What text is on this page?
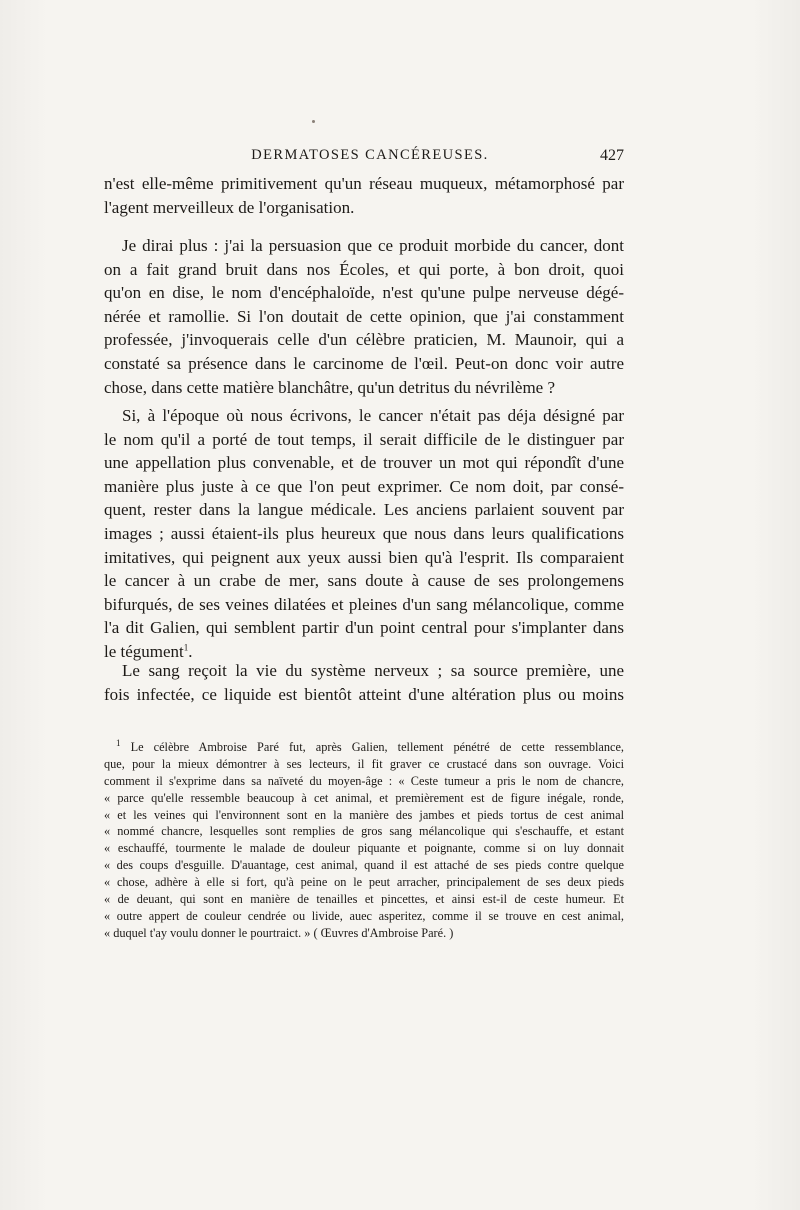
DERMATOSES CANCÉREUSES.	427
n'est elle-même primitivement qu'un réseau muqueux, métamorphosé par
l'agent merveilleux de l'organisation.
Je dirai plus : j'ai la persuasion que ce produit morbide du cancer, dont
on a fait grand bruit dans nos Écoles, et qui porte, à bon droit, quoi
qu'on en dise, le nom d'encéphaloïde, n'est qu'une pulpe nerveuse dégé-
nérée et ramollie. Si l'on doutait de cette opinion, que j'ai constamment
professée, j'invoquerais celle d'un célèbre praticien, M. Maunoir, qui a
constaté sa présence dans le carcinome de l'œil. Peut-on donc voir autre
chose, dans cette matière blanchâtre, qu'un detritus du névrilème ?
Si, à l'époque où nous écrivons, le cancer n'était pas déja désigné par
le nom qu'il a porté de tout temps, il serait difficile de le distinguer par
une appellation plus convenable, et de trouver un mot qui répondît d'une
manière plus juste à ce que l'on peut exprimer. Ce nom doit, par consé-
quent, rester dans la langue médicale. Les anciens parlaient souvent par
images ; aussi étaient-ils plus heureux que nous dans leurs qualifications
imitatives, qui peignent aux yeux aussi bien qu'à l'esprit. Ils comparaient
le cancer à un crabe de mer, sans doute à cause de ses prolongemens
bifurqués, de ses veines dilatées et pleines d'un sang mélancolique, comme
l'a dit Galien, qui semblent partir d'un point central pour s'implanter dans
le tégument$^1$.
Le sang reçoit la vie du système nerveux ; sa source première, une
fois infectée, ce liquide est bientôt atteint d'une altération plus ou moins
$^1$ Le célèbre Ambroise Paré fut, après Galien, tellement pénétré de cette ressemblance,
que, pour la mieux démontrer à ses lecteurs, il fit graver ce crustacé dans son ouvrage. Voici
comment il s'exprime dans sa naïveté du moyen-âge : « Ceste tumeur a pris le nom de chancre,
« parce qu'elle ressemble beaucoup à cet animal, et premièrement est de figure inégale, ronde,
« et les veines qui l'environnent sont en la manière des jambes et pieds tortus de cest animal
« nommé chancre, lesquelles sont remplies de gros sang mélancolique qui s'eschauffe, et estant
« eschauffé, tourmente le malade de douleur piquante et poignante, comme si on luy donnait
« des coups d'esguille. D'auantage, cest animal, quand il est attaché de ses pieds contre quelque
« chose, adhère à elle si fort, qu'à peine on le peut arracher, principalement de ses deux pieds
« de deuant, qui sont en manière de tenailles et pincettes, et ainsi est-il de ceste humeur. Et
« outre appert de couleur cendrée ou livide, auec asperitez, comme il se trouve en cest animal,
« duquel t'ay voulu donner le pourtraict. » ( Œuvres d'Ambroise Paré. )
